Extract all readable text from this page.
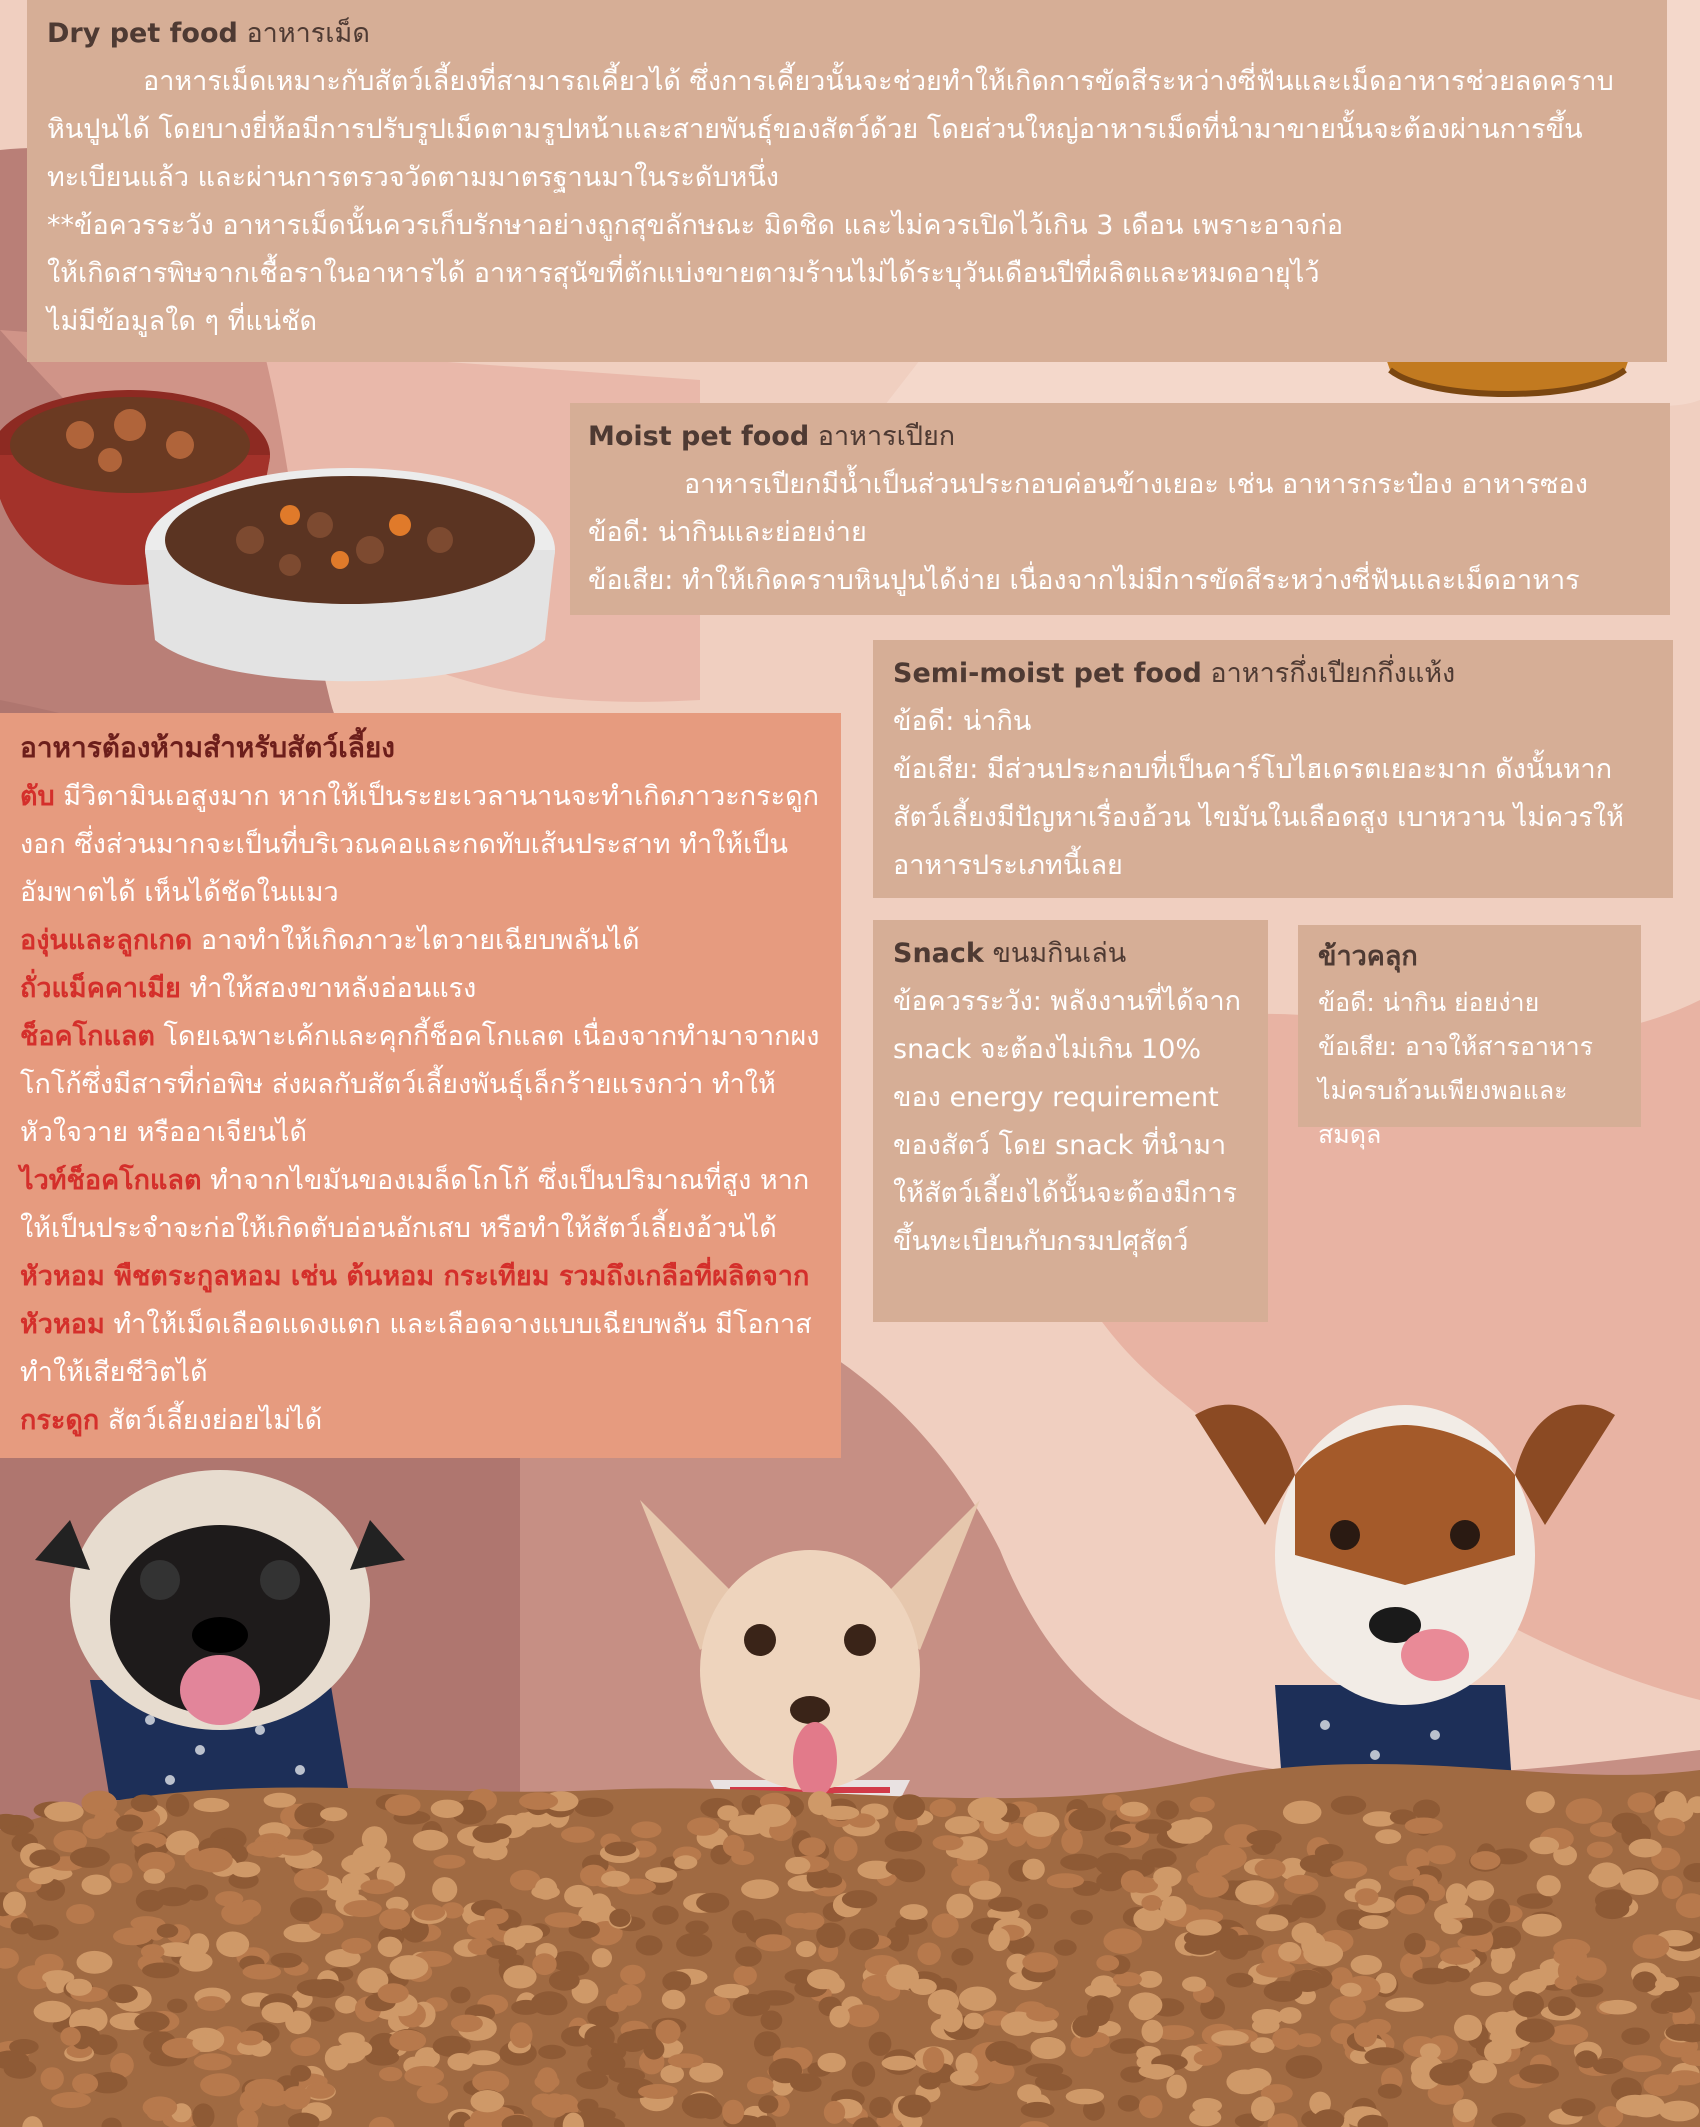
Dry pet food อาหารเม็ด
อาหารเม็ดเหมาะกับสัตว์เลี้ยงที่สามารถเคี้ยวได้ ซึ่งการเคี้ยวนั้นจะช่วยทำให้เกิดการขัดสีระหว่างซี่ฟันและเม็ดอาหารช่วยลดคราบหินปูนได้ โดยบางยี่ห้อมีการปรับรูปเม็ดตามรูปหน้าและสายพันธุ์ของสัตว์ด้วย โดยส่วนใหญ่อาหารเม็ดที่นำมาขายนั้นจะต้องผ่านการขึ้นทะเบียนแล้ว และผ่านการตรวจวัดตามมาตรฐานมาในระดับหนึ่ง
**ข้อควรระวัง อาหารเม็ดนั้นควรเก็บรักษาอย่างถูกสุขลักษณะ มิดชิด และไม่ควรเปิดไว้เกิน 3 เดือน เพราะอาจก่อให้เกิดสารพิษจากเชื้อราในอาหารได้ อาหารสุนัขที่ตักแบ่งขายตามร้านไม่ได้ระบุวันเดือนปีที่ผลิตและหมดอายุไว้ ไม่มีข้อมูลใด ๆ ที่แน่ชัด
Moist pet food อาหารเปียก
อาหารเปียกมีน้ำเป็นส่วนประกอบค่อนข้างเยอะ เช่น อาหารกระป๋อง อาหารซอง
ข้อดี: น่ากินและย่อยง่าย
ข้อเสีย: ทำให้เกิดคราบหินปูนได้ง่าย เนื่องจากไม่มีการขัดสีระหว่างซี่ฟันและเม็ดอาหาร
Semi-moist pet food อาหารกึ่งเปียกกึ่งแห้ง
ข้อดี: น่ากิน
ข้อเสีย: มีส่วนประกอบที่เป็นคาร์โบไฮเดรตเยอะมาก ดังนั้นหากสัตว์เลี้ยงมีปัญหาเรื่องอ้วน ไขมันในเลือดสูง เบาหวาน ไม่ควรให้อาหารประเภทนี้เลย
Snack ขนมกินเล่น
ข้อควรระวัง: พลังงานที่ได้จาก snack จะต้องไม่เกิน 10% ของ energy requirement ของสัตว์ โดย snack ที่นำมาให้สัตว์เลี้ยงได้นั้นจะต้องมีการขึ้นทะเบียนกับกรมปศุสัตว์
ข้าวคลุก
ข้อดี: น่ากิน ย่อยง่าย
ข้อเสีย: อาจให้สารอาหารไม่ครบถ้วนเพียงพอและสมดุล
อาหารต้องห้ามสำหรับสัตว์เลี้ยง
ตับ มีวิตามินเอสูงมาก หากให้เป็นระยะเวลานานจะทำเกิดภาวะกระดูกงอก ซึ่งส่วนมากจะเป็นที่บริเวณคอและกดทับเส้นประสาท ทำให้เป็นอัมพาตได้ เห็นได้ชัดในแมว
องุ่นและลูกเกด อาจทำให้เกิดภาวะไตวายเฉียบพลันได้
ถั่วแม็คคาเมีย ทำให้สองขาหลังอ่อนแรง
ช็อคโกแลต โดยเฉพาะเค้กและคุกกี้ช็อคโกแลต เนื่องจากทำมาจากผงโกโก้ซึ่งมีสารที่ก่อพิษ ส่งผลกับสัตว์เลี้ยงพันธุ์เล็กร้ายแรงกว่า ทำให้หัวใจวาย หรืออาเจียนได้
ไวท์ช็อคโกแลต ทำจากไขมันของเมล็ดโกโก้ ซึ่งเป็นปริมาณที่สูง หากให้เป็นประจำจะก่อให้เกิดตับอ่อนอักเสบ หรือทำให้สัตว์เลี้ยงอ้วนได้
หัวหอม พืชตระกูลหอม เช่น ต้นหอม กระเทียม รวมถึงเกลือที่ผลิตจากหัวหอม ทำให้เม็ดเลือดแดงแตก และเลือดจางแบบเฉียบพลัน มีโอกาสทำให้เสียชีวิตได้
กระดูก สัตว์เลี้ยงย่อยไม่ได้
